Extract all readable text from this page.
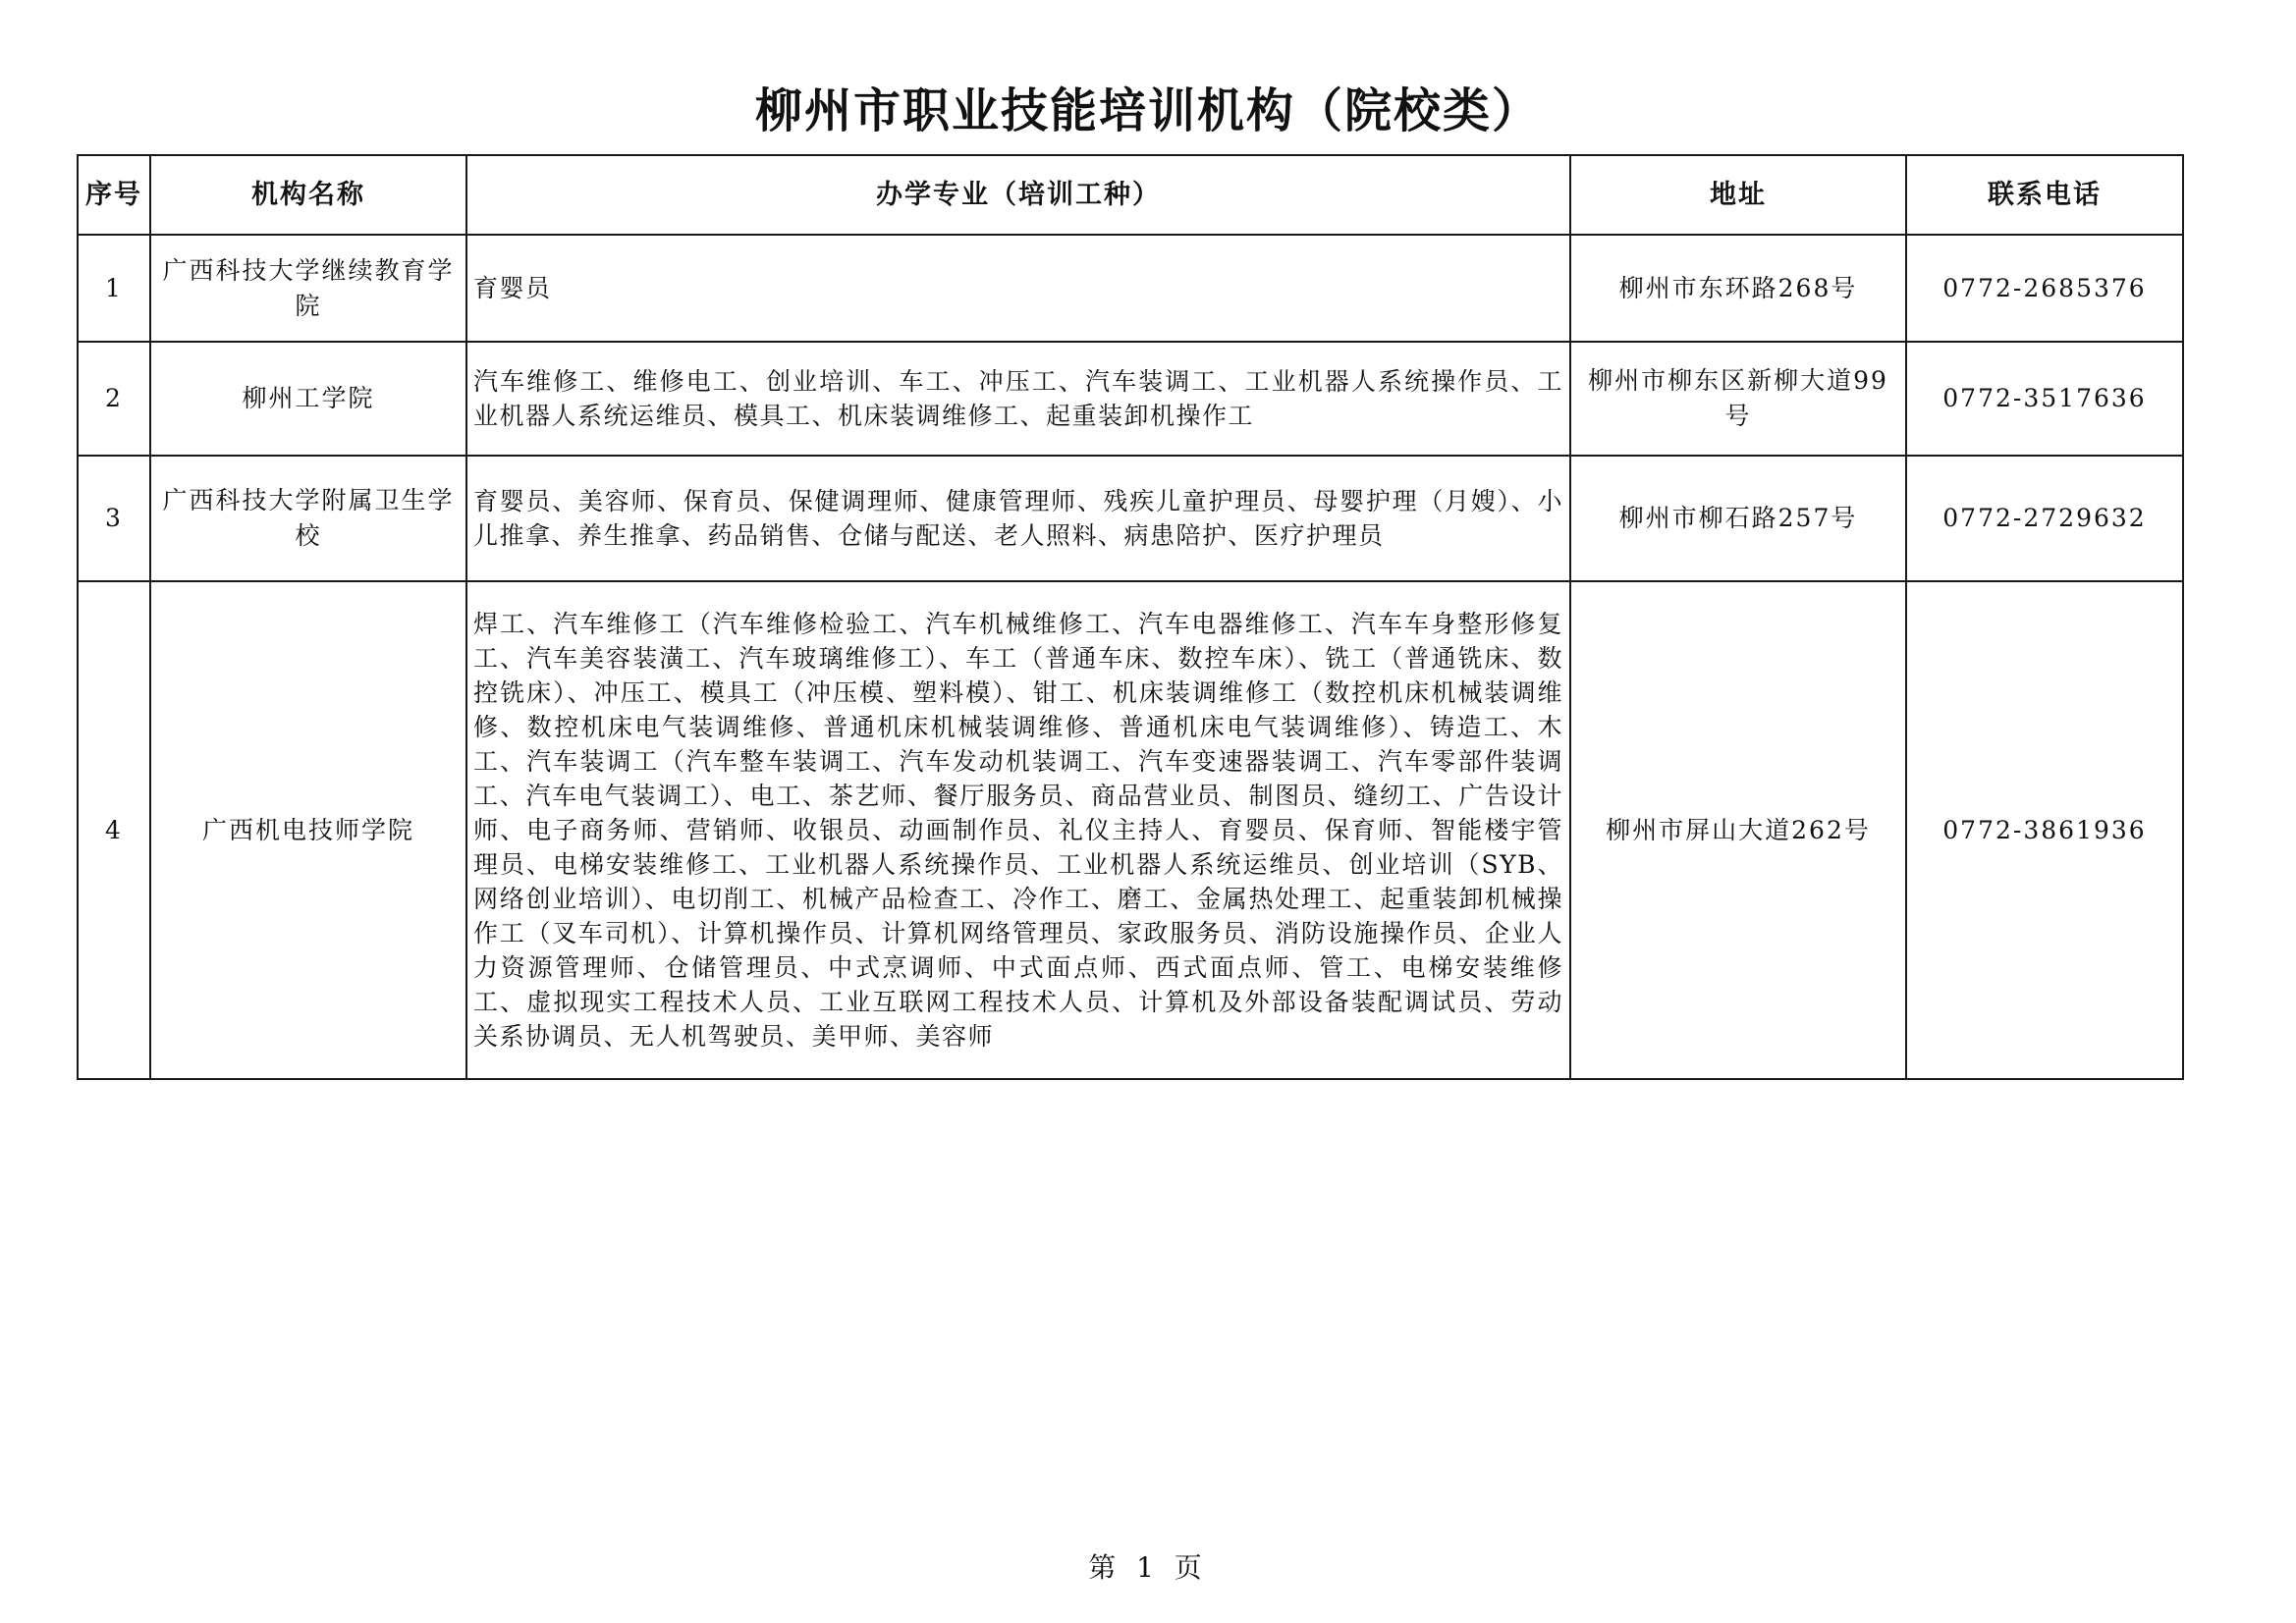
柳州市职业技能培训机构（院校类）
序号	机构名称	办学专业（培训工种）	地址	联系电话
1	广西科技大学继续教育学院	育婴员	柳州市东环路268号	0772-2685376
2	柳州工学院	汽车维修工、维修电工、创业培训、车工、冲压工、汽车装调工、工业机器人系统操作员、工业机器人系统运维员、模具工、机床装调维修工、起重装卸机操作工	柳州市柳东区新柳大道99号	0772-3517636
3	广西科技大学附属卫生学校	育婴员、美容师、保育员、保健调理师、健康管理师、残疾儿童护理员、母婴护理（月嫂）、小儿推拿、养生推拿、药品销售、仓储与配送、老人照料、病患陪护、医疗护理员	柳州市柳石路257号	0772-2729632
4	广西机电技师学院	焊工、汽车维修工（汽车维修检验工、汽车机械维修工、汽车电器维修工、汽车车身整形修复工、汽车美容装潢工、汽车玻璃维修工）、车工（普通车床、数控车床）、铣工（普通铣床、数控铣床）、冲压工、模具工（冲压模、塑料模）、钳工、机床装调维修工（数控机床机械装调维修、数控机床电气装调维修、普通机床机械装调维修、普通机床电气装调维修）、铸造工、木工、汽车装调工（汽车整车装调工、汽车发动机装调工、汽车变速器装调工、汽车零部件装调工、汽车电气装调工）、电工、茶艺师、餐厅服务员、商品营业员、制图员、缝纫工、广告设计师、电子商务师、营销师、收银员、动画制作员、礼仪主持人、育婴员、保育师、智能楼宇管理员、电梯安装维修工、工业机器人系统操作员、工业机器人系统运维员、创业培训（SYB、网络创业培训）、电切削工、机械产品检查工、冷作工、磨工、金属热处理工、起重装卸机械操作工（叉车司机）、计算机操作员、计算机网络管理员、家政服务员、消防设施操作员、企业人力资源管理师、仓储管理员、中式烹调师、中式面点师、西式面点师、管工、电梯安装维修工、虚拟现实工程技术人员、工业互联网工程技术人员、计算机及外部设备装配调试员、劳动关系协调员、无人机驾驶员、美甲师、美容师	柳州市屏山大道262号	0772-3861936
第 1 页
